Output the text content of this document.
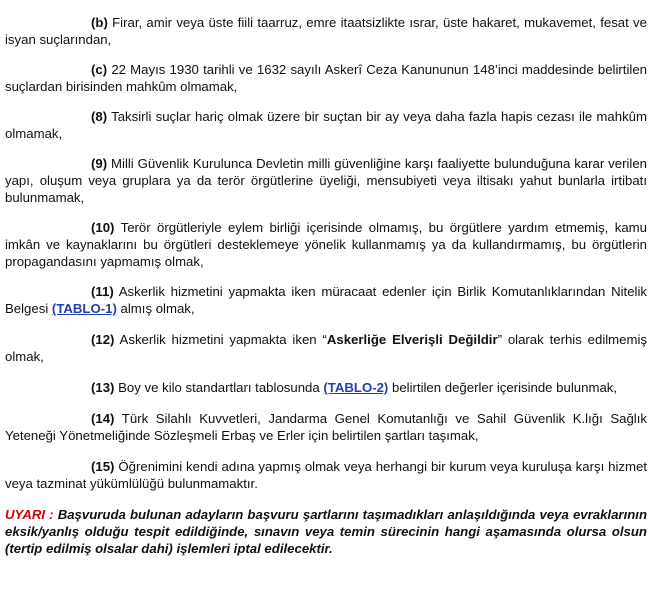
(b) Firar, amir veya üste fiili taarruz, emre itaatsizlikte ısrar, üste hakaret, mukavemet, fesat ve isyan suçlarından,

(c) 22 Mayıs 1930 tarihli ve 1632 sayılı Askerî Ceza Kanununun 148’inci maddesinde belirtilen suçlardan birisinden mahkûm olmamak,

(8) Taksirli suçlar hariç olmak üzere bir suçtan bir ay veya daha fazla hapis cezası ile mahkûm olmamak,

(9) Milli Güvenlik Kurulunca Devletin milli güvenliğine karşı faaliyette bulunduğuna karar verilen yapı, oluşum veya gruplara ya da terör örgütlerine üyeliği, mensubiyeti veya iltisakı yahut bunlarla irtibatı bulunmamak,

(10) Terör örgütleriyle eylem birliği içerisinde olmamış, bu örgütlere yardım etmemiş, kamu imkân ve kaynaklarını bu örgütleri desteklemeye yönelik kullanmamış ya da kullandırmamış, bu örgütlerin propagandasını yapmamış olmak,

(11) Askerlik hizmetini yapmakta iken müracaat edenler için Birlik Komutanlıklarından Nitelik Belgesi (TABLO-1) almış olmak,

(12) Askerlik hizmetini yapmakta iken “Askerliğe Elverişli Değildir” olarak terhis edilmemiş olmak,

(13) Boy ve kilo standartları tablosunda (TABLO-2) belirtilen değerler içerisinde bulunmak,

(14) Türk Silahlı Kuvvetleri, Jandarma Genel Komutanlığı ve Sahil Güvenlik K.lığı Sağlık Yeteneği Yönetmeliğinde Sözleşmeli Erbaş ve Erler için belirtilen şartları taşımak,

(15) Öğrenimini kendi adına yapmış olmak veya herhangi bir kurum veya kuruluşa karşı hizmet veya tazminat yükümlülüğü bulunmamaktır.

UYARI : Başvuruda bulunan adayların başvuru şartlarını taşımadıkları anlaşıldığında veya evraklarının eksik/yanlış olduğu tespit edildiğinde, sınavın veya temin sürecinin hangi aşamasında olursa olsun (tertip edilmiş olsalar dahi) işlemleri iptal edilecektir.
